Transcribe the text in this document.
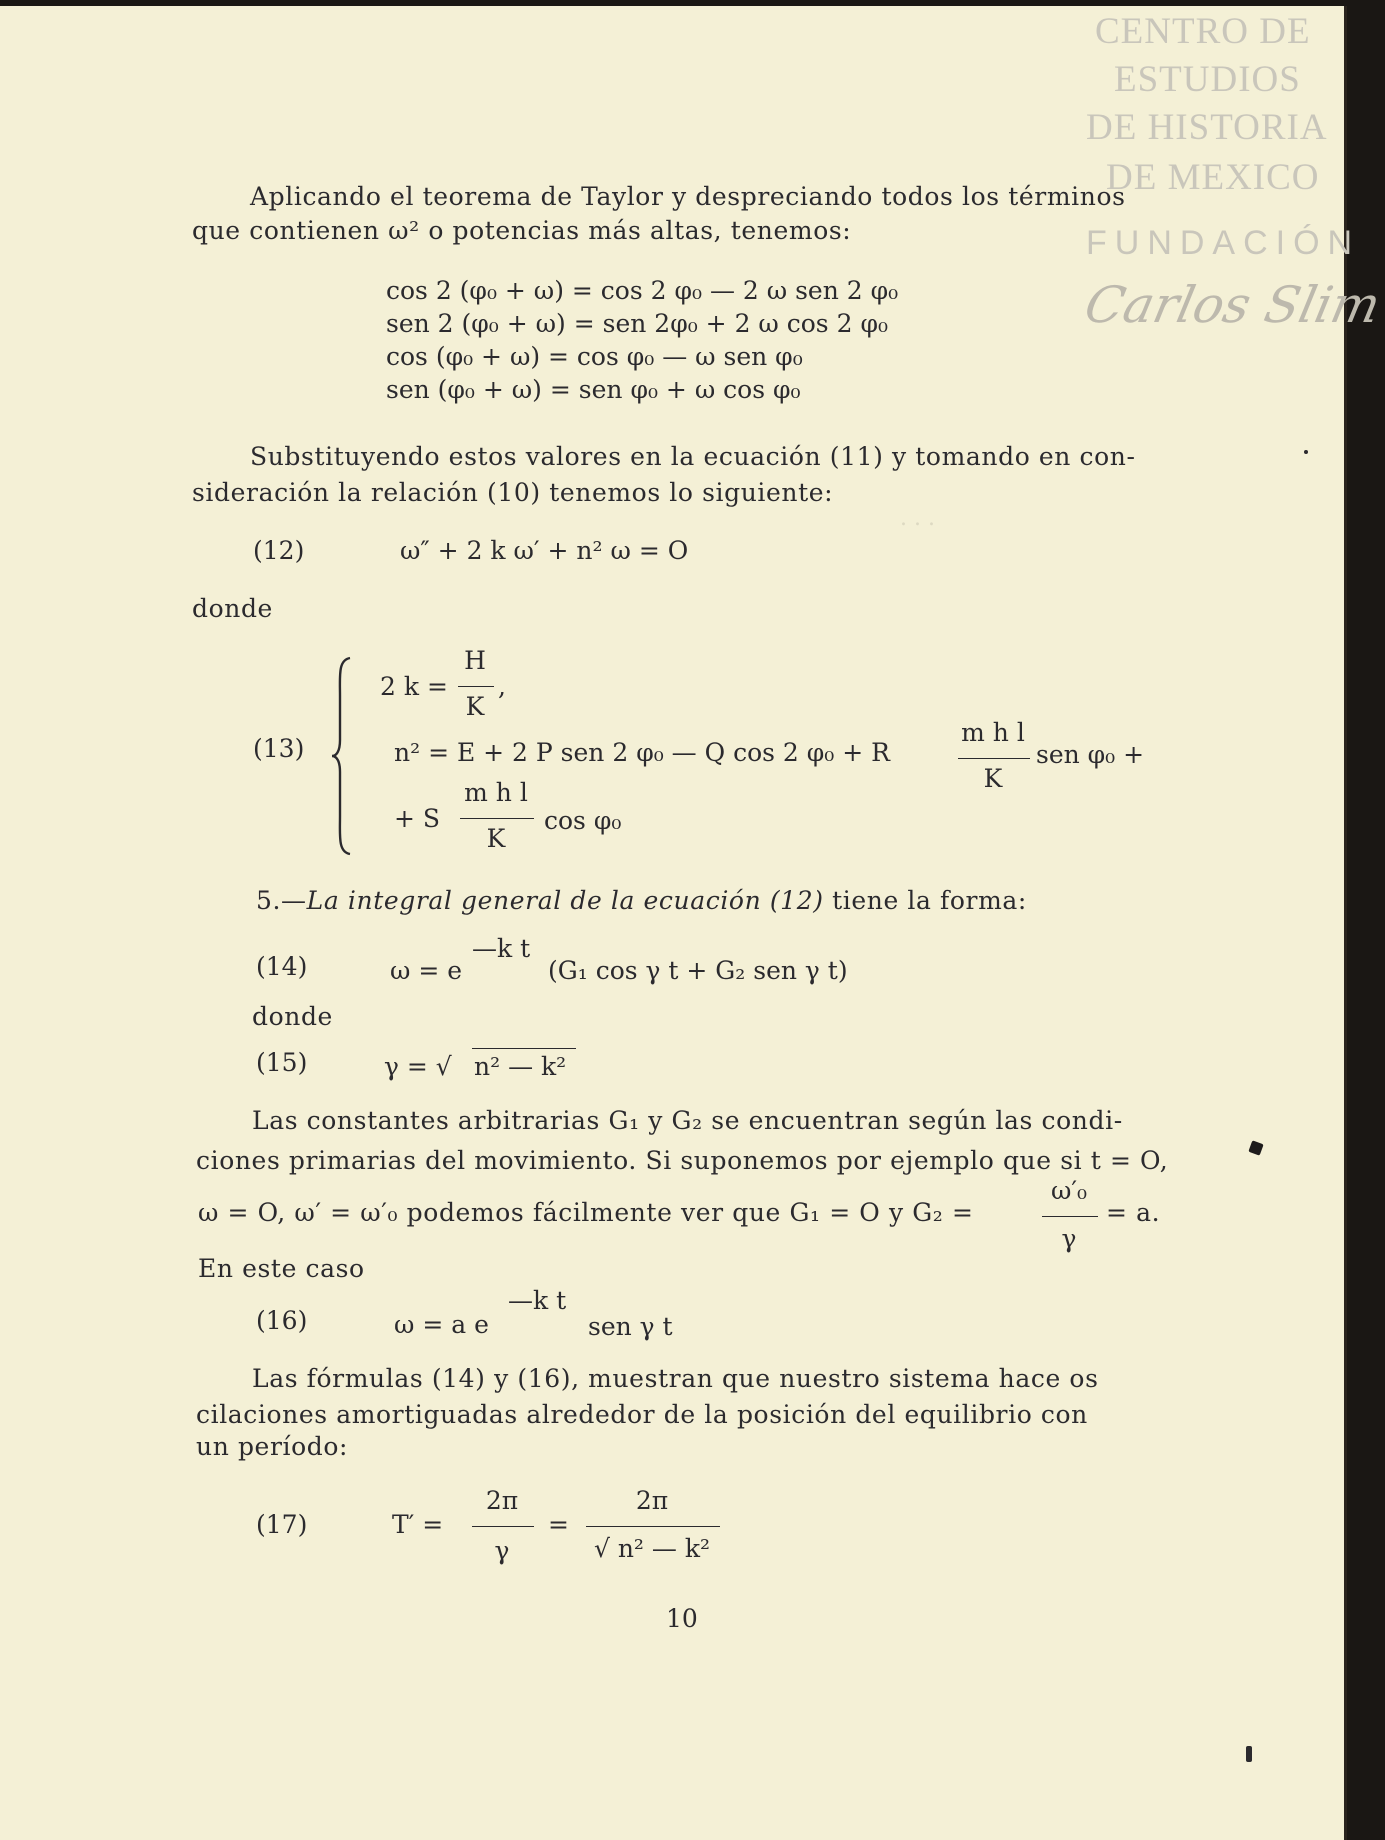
CENTRO DE
ESTUDIOS
DE HISTORIA
DE MEXICO
FUNDACIÓN
Carlos Slim
. . .
Aplicando el teorema de Taylor y despreciando todos los términos
que contienen ω² o potencias más altas, tenemos:
cos 2 (φ₀ + ω) = cos 2 φ₀ — 2 ω sen 2 φ₀
sen 2 (φ₀ + ω) = sen 2φ₀ + 2 ω cos 2 φ₀
cos (φ₀ + ω) = cos φ₀ — ω sen φ₀
sen (φ₀ + ω) = sen φ₀ + ω cos φ₀
Substituyendo estos valores en la ecuación (11) y tomando en con-
sideración la relación (10) tenemos lo siguiente:
(12)	ω″ + 2 k ω′ + n² ω = O
donde
(13)
2 k =
H
K
,
n² = E + 2 P sen 2 φ₀ — Q cos 2 φ₀ + R
m h l
K
sen φ₀ +
+ S
m h l
K
cos φ₀
5.—La integral general de la ecuación (12) tiene la forma:
(14)	ω = e
—k t
(G₁ cos γ t + G₂ sen γ t)
donde
(15)	γ = √ n² — k²
Las constantes arbitrarias G₁ y G₂ se encuentran según las condi-
ciones primarias del movimiento. Si suponemos por ejemplo que si t = O,
ω = O, ω′ = ω′₀ podemos fácilmente ver que G₁ = O y G₂ =
ω′₀
γ
= a.
En este caso
(16)	ω = a e
—k t
sen γ t
Las fórmulas (14) y (16), muestran que nuestro sistema hace os
cilaciones amortiguadas alrededor de la posición del equilibrio con
un período:
(17)	T′ =
2π
γ
=
2π
√ n² — k²
10
